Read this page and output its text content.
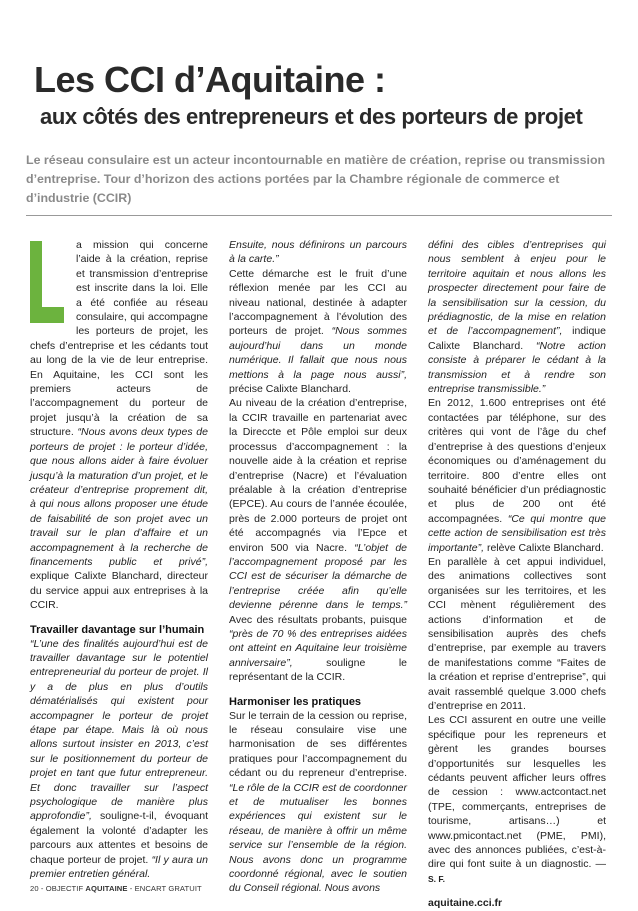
Les CCI d’Aquitaine :
aux côtés des entrepreneurs et des porteurs de projet

Le réseau consulaire est un acteur incontournable en matière de création, reprise ou transmission d’entreprise. Tour d’horizon des actions portées par la Chambre régionale de commerce et d’industrie (CCIR)

a mission qui concerne l’aide à la création, reprise et transmission d’entreprise est inscrite dans la loi. Elle a été confiée au réseau consulaire, qui accompagne les porteurs de projet, les chefs d’entreprise et les cédants tout au long de la vie de leur entreprise. En Aquitaine, les CCI sont les premiers acteurs de l’accompagnement du porteur de projet jusqu’à la création de sa structure. “Nous avons deux types de porteurs de projet : le porteur d’idée, que nous allons aider à faire évoluer jusqu’à la maturation d’un projet, et le créateur d’entreprise proprement dit, à qui nous allons proposer une étude de faisabilité de son projet avec un travail sur le plan d’affaire et un accompagnement à la recherche de financements public et privé”, explique Calixte Blanchard, directeur du service appui aux entreprises à la CCIR.

Travailler davantage sur l’humain

“L’une des finalités aujourd’hui est de travailler davantage sur le potentiel entrepreneurial du porteur de projet. Il y a de plus en plus d’outils dématérialisés qui existent pour accompagner le porteur de projet étape par étape. Mais là où nous allons surtout insister en 2013, c’est sur le positionnement du porteur de projet en tant que futur entrepreneur. Et donc travailler sur l’aspect psychologique de manière plus approfondie”, souligne-t-il, évoquant également la volonté d’adapter les parcours aux attentes et besoins de chaque porteur de projet. “Il y aura un premier entretien général.

Ensuite, nous définirons un parcours à la carte.”

Cette démarche est le fruit d’une réflexion menée par les CCI au niveau national, destinée à adapter l’accompagnement à l’évolution des porteurs de projet. “Nous sommes aujourd’hui dans un monde numérique. Il fallait que nous nous mettions à la page nous aussi”, précise Calixte Blanchard.

Au niveau de la création d’entreprise, la CCIR travaille en partenariat avec la Direccte et Pôle emploi sur deux processus d’accompagnement : la nouvelle aide à la création et reprise d’entreprise (Nacre) et l’évaluation préalable à la création d’entreprise (EPCE). Au cours de l’année écoulée, près de 2.000 porteurs de projet ont été accompagnés via l’Epce et environ 500 via Nacre. “L’objet de l’accompagnement proposé par les CCI est de sécuriser la démarche de l’entreprise créée afin qu’elle devienne pérenne dans le temps.” Avec des résultats probants, puisque “près de 70 % des entreprises aidées ont atteint en Aquitaine leur troisième anniversaire”,	souligne le représentant de la CCIR.

Harmoniser les pratiques

Sur le terrain de la cession ou reprise, le réseau consulaire vise une harmonisation de ses différentes pratiques pour l’accompagnement du cédant ou du repreneur d’entreprise. “Le rôle de la CCIR est de coordonner et de mutualiser les bonnes expériences qui existent sur le réseau, de manière à offrir un même service sur l’ensemble de la région. Nous avons donc un programme coordonné régional, avec le soutien du Conseil régional. Nous avons

défini des cibles d’entreprises qui nous semblent à enjeu pour le territoire aquitain et nous allons les prospecter directement pour faire de la sensibilisation sur la cession, du prédiagnostic, de la mise en relation et de l’accompagnement”, indique Calixte Blanchard. “Notre action consiste à préparer le cédant à la transmission et à rendre son entreprise transmissible.”

En 2012, 1.600 entreprises ont été contactées par téléphone, sur des critères qui vont de l’âge du chef d’entreprise à des questions d’enjeux économiques ou d’aménagement du territoire. 800 d’entre elles ont souhaité bénéficier d’un prédiagnostic et plus de 200 ont été accompagnées. “Ce qui montre que cette action de sensibilisation est très importante”, relève Calixte Blanchard.

En parallèle à cet appui individuel, des animations collectives sont organisées sur les territoires, et les CCI mènent régulièrement des actions d’information et de sensibilisation auprès des chefs d’entreprise, par exemple au travers de manifestations comme “Faites de la création et reprise d’entreprise”, qui avait rassemblé quelque 3.000 chefs d’entreprise en 2011.

Les CCI assurent en outre une veille spécifique pour les repreneurs et gèrent les grandes bourses d’opportunités sur lesquelles les cédants peuvent afficher leurs offres de cession : www.actcontact.net (TPE, commerçants, entreprises de tourisme, artisans…) et www.pmicontact.net (PME, PMI), avec des annonces publiées, c’est-à-dire qui font suite à un diagnostic. — S. F.

aquitaine.cci.fr

20 - OBJECTIF AQUITAINE - ENCART GRATUIT
